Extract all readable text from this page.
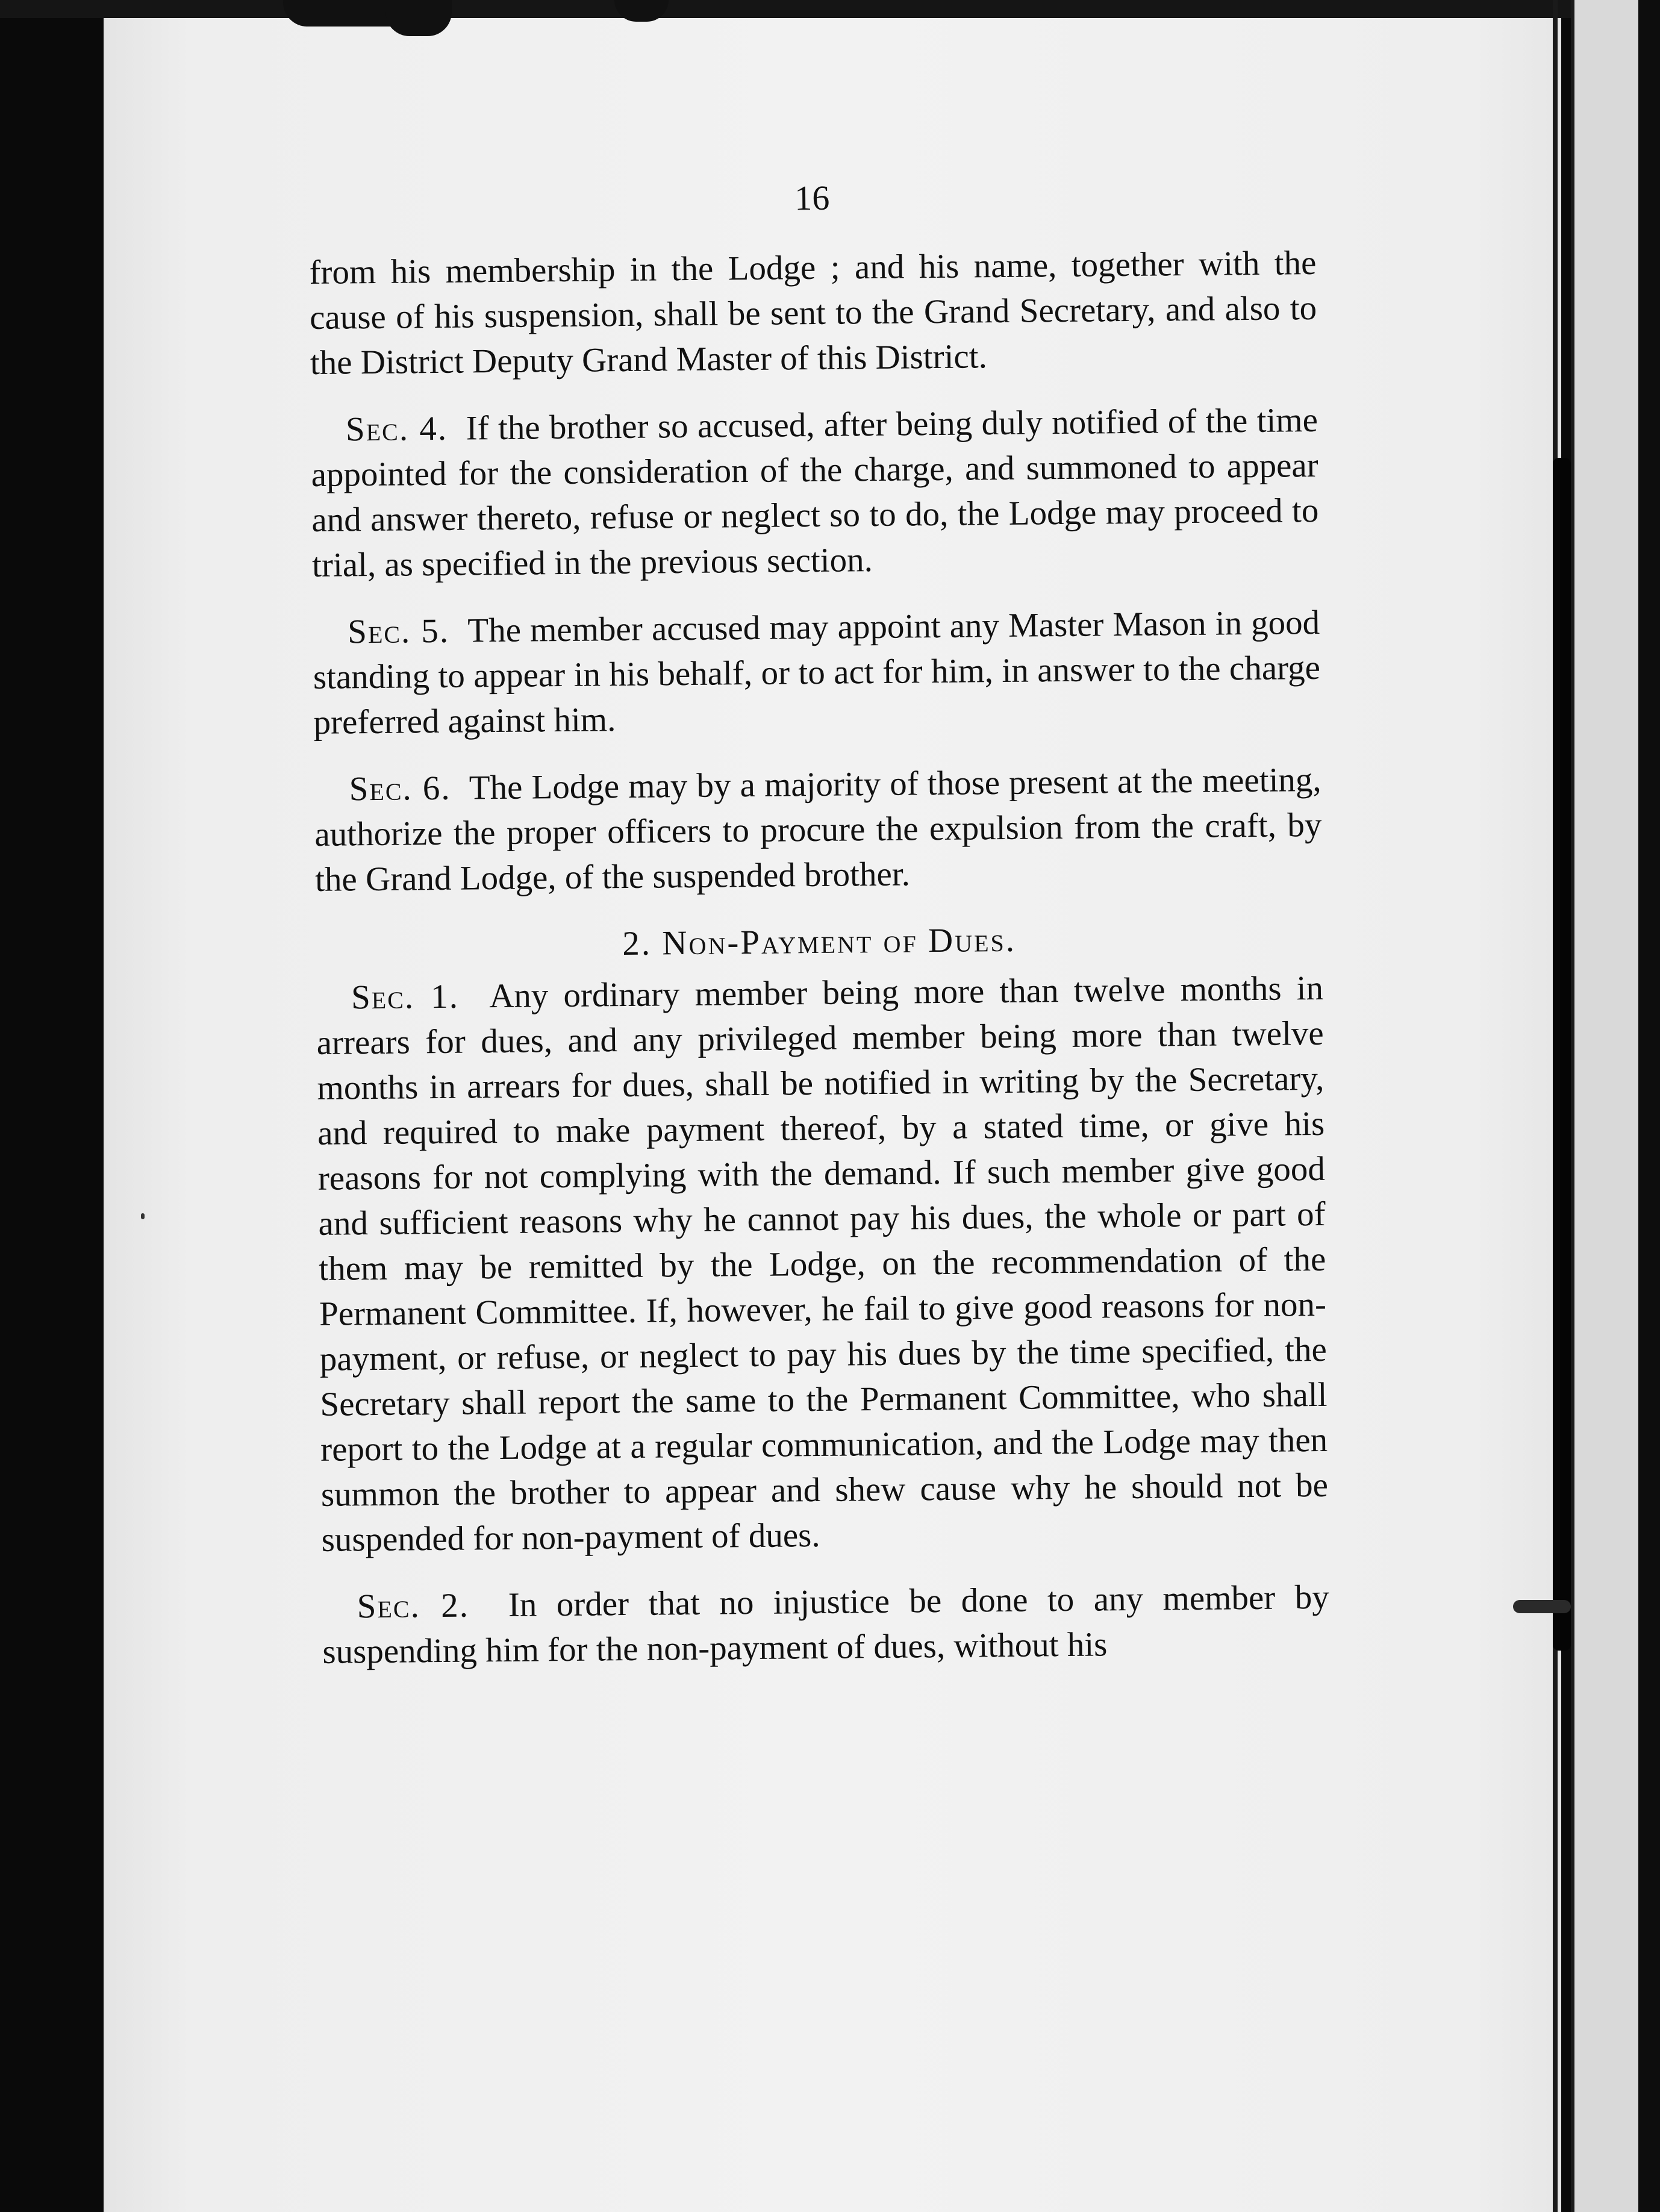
16

from his membership in the Lodge ; and his name, together with the cause of his suspension, shall be sent to the Grand Secretary, and also to the District Deputy Grand Master of this District.

Sec. 4. If the brother so accused, after being duly notified of the time appointed for the consideration of the charge, and summoned to appear and answer thereto, refuse or neglect so to do, the Lodge may proceed to trial, as specified in the previous section.

Sec. 5. The member accused may appoint any Master Mason in good standing to appear in his behalf, or to act for him, in answer to the charge preferred against him.

Sec. 6. The Lodge may by a majority of those present at the meeting, authorize the proper officers to procure the expulsion from the craft, by the Grand Lodge, of the suspended brother.

2. Non-Payment of Dues.

Sec. 1. Any ordinary member being more than twelve months in arrears for dues, and any privileged member being more than twelve months in arrears for dues, shall be notified in writing by the Secretary, and required to make payment thereof, by a stated time, or give his reasons for not complying with the demand. If such member give good and sufficient reasons why he cannot pay his dues, the whole or part of them may be remitted by the Lodge, on the recommendation of the Permanent Committee. If, however, he fail to give good reasons for non-payment, or refuse, or neglect to pay his dues by the time specified, the Secretary shall report the same to the Permanent Committee, who shall report to the Lodge at a regular communication, and the Lodge may then summon the brother to appear and shew cause why he should not be suspended for non-payment of dues.

Sec. 2. In order that no injustice be done to any member by suspending him for the non-payment of dues, without his
